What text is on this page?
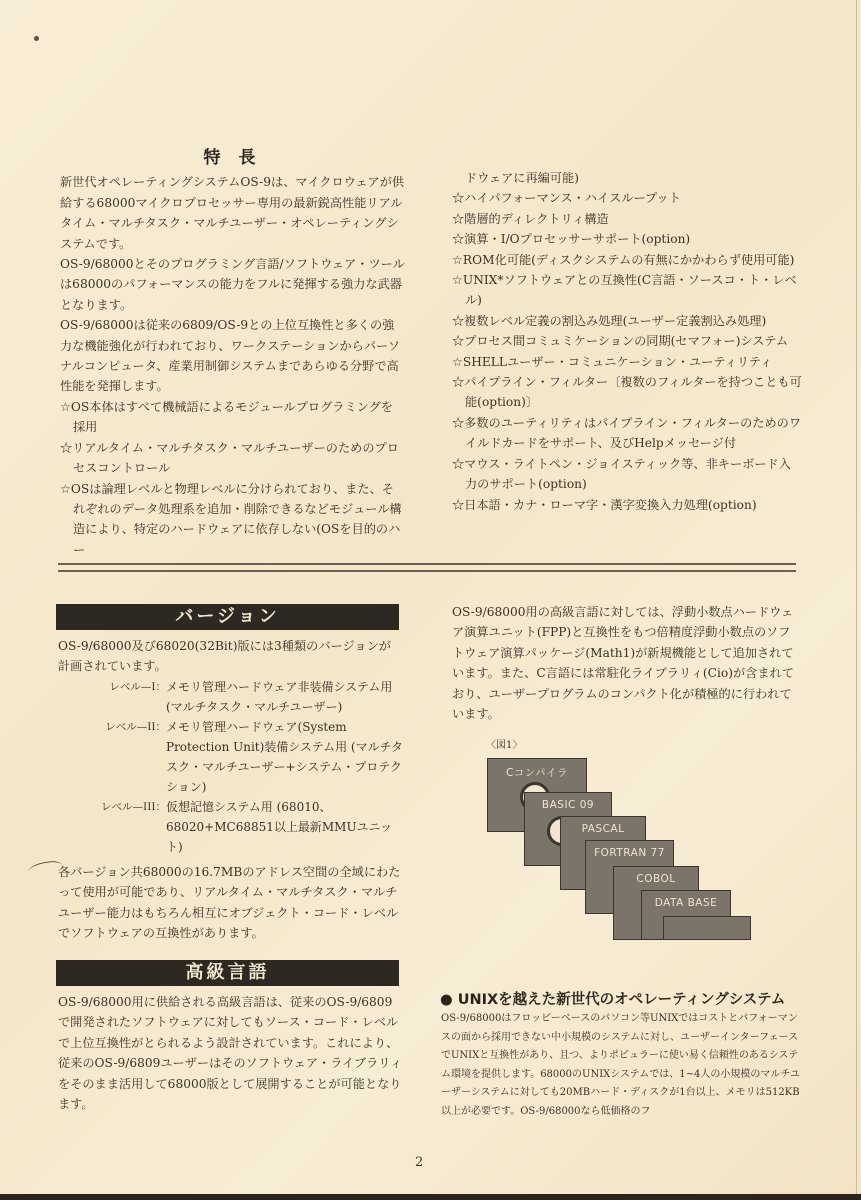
特 長

新世代オペレーティングシステムOS-9は、マイクロウェアが供給する68000マイクロプロセッサー専用の最新鋭高性能リアルタイム・マルチタスク・マルチユーザー・オペレーティングシステムです。

OS-9/68000とそのプログラミング言語/ソフトウェア・ツールは68000のパフォーマンスの能力をフルに発揮する強力な武器となります。

OS-9/68000は従来の6809/OS-9との上位互換性と多くの強力な機能強化が行われており、ワークステーションからパーソナルコンピュータ、産業用制御システムまであらゆる分野で高性能を発揮します。

☆OS本体はすべて機械語によるモジュールプログラミングを採用

☆リアルタイム・マルチタスク・マルチユーザーのためのプロセスコントロール

☆OSは論理レベルと物理レベルに分けられており、また、それぞれのデータ処理系を追加・削除できるなどモジュール構造により、特定のハードウェアに依存しない(OSを目的のハー

ドウェアに再編可能)

☆ハイパフォーマンス・ハイスループット

☆階層的ディレクトリィ構造

☆演算・I/Oプロセッサーサポート(option)

☆ROM化可能(ディスクシステムの有無にかかわらず使用可能)

☆UNIX*ソフトウェアとの互換性(C言語・ソースコ・ト・レベル)

☆複数レベル定義の割込み処理(ユーザー定義割込み処理)

☆プロセス間コミュミケーションの同期(セマフォー)システム

☆SHELLユーザー・コミュニケーション・ユーティリティ

☆パイプライン・フィルター〔複数のフィルターを持つことも可能(option)〕

☆多数のユーティリティはパイプライン・フィルターのためのワイルドカードをサポート、及びHelpメッセージ付

☆マウス・ライトペン・ジョイスティック等、非キーボード入力のサポート(option)

☆日本語・カナ・ローマ字・漢字変換入力処理(option)

バージョン

OS-9/68000及び68020(32Bit)版には3種類のバージョンが計画されています。

レベル—I： メモリ管理ハードウェア非装備システム用(マルチタスク・マルチユーザー)
レベル—II： メモリ管理ハードウェア(System Protection Unit)装備システム用 (マルチタスク・マルチユーザー+システム・プロテクション)
レベル—III： 仮想記憶システム用 (68010、68020+MC68851以上最新MMUユニット)

各バージョン共68000の16.7MBのアドレス空間の全域にわたって使用が可能であり、リアルタイム・マルチタスク・マルチユーザー能力はもちろん相互にオブジェクト・コード・レベルでソフトウェアの互換性があります。

高級言語

OS-9/68000用に供給される高級言語は、従来のOS-9/6809で開発されたソフトウェアに対してもソース・コード・レベルで上位互換性がとられるよう設計されています。これにより、従来のOS-9/6809ユーザーはそのソフトウェア・ライブラリィをそのまま活用して68000版として展開することが可能となります。

OS-9/68000用の高級言語に対しては、浮動小数点ハードウェア演算ユニット(FPP)と互換性をもつ倍精度浮動小数点のソフトウェア演算パッケージ(Math1)が新規機能として追加されています。また、C言語には常駐化ライブラリィ(Cio)が含まれており、ユーザープログラムのコンパクト化が積極的に行われています。

〈図1〉
Cコンパイラ
BASIC 09
PASCAL
FORTRAN 77
COBOL
DATA BASE
● UNIXを越えた新世代のオペレーティングシステム

OS-9/68000はフロッピーベースのパソコン等UNIXではコストとパフォーマンスの面から採用できない中小規模のシステムに対し、ユーザーインターフェースでUNIXと互換性があり、且つ、よりポピュラーに使い易く信頼性のあるシステム環境を提供します。68000のUNIXシステムでは、1~4人の小規模のマルチユーザーシステムに対しても20MBハード・ディスクが1台以上、メモリは512KB以上が必要です。OS-9/68000なら低価格のフ

2
